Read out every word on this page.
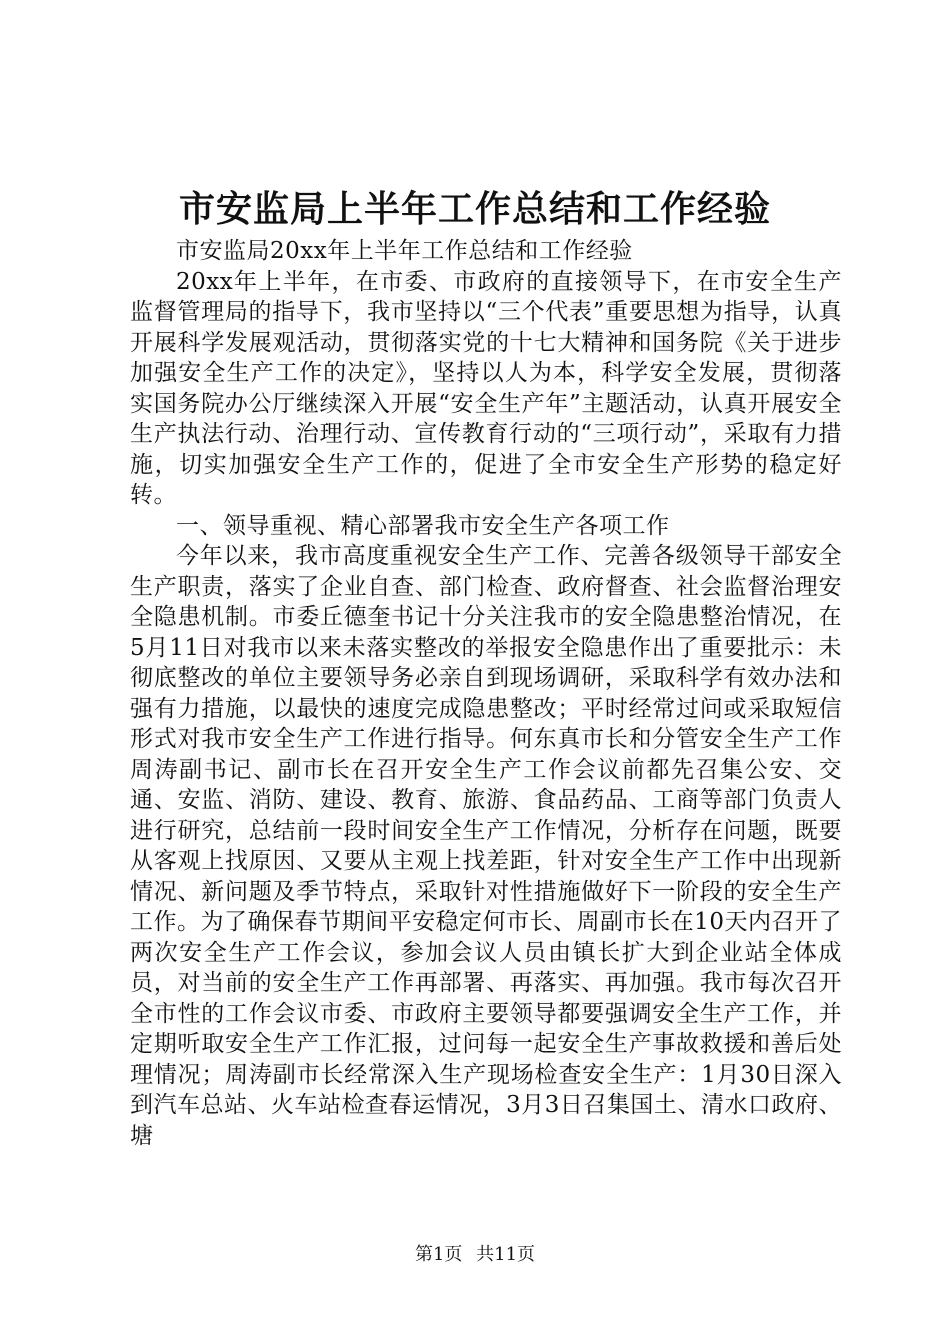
市安监局上半年工作总结和工作经验

市安监局20xx年上半年工作总结和工作经验

20xx年上半年，在市委、市政府的直接领导下，在市安全生产监督管理局的指导下，我市坚持以“三个代表”重要思想为指导，认真开展科学发展观活动，贯彻落实党的十七大精神和国务院《关于进步加强安全生产工作的决定》，坚持以人为本，科学安全发展，贯彻落实国务院办公厅继续深入开展“安全生产年”主题活动，认真开展安全生产执法行动、治理行动、宣传教育行动的“三项行动”，采取有力措施，切实加强安全生产工作的，促进了全市安全生产形势的稳定好转。

一、领导重视、精心部署我市安全生产各项工作

今年以来，我市高度重视安全生产工作、完善各级领导干部安全生产职责，落实了企业自查、部门检查、政府督查、社会监督治理安全隐患机制。市委丘德奎书记十分关注我市的安全隐患整治情况，在5月11日对我市以来未落实整改的举报安全隐患作出了重要批示：未彻底整改的单位主要领导务必亲自到现场调研，采取科学有效办法和强有力措施，以最快的速度完成隐患整改；平时经常过问或采取短信形式对我市安全生产工作进行指导。何东真市长和分管安全生产工作周涛副书记、副市长在召开安全生产工作会议前都先召集公安、交通、安监、消防、建设、教育、旅游、食品药品、工商等部门负责人进行研究，总结前一段时间安全生产工作情况，分析存在问题，既要从客观上找原因、又要从主观上找差距，针对安全生产工作中出现新情况、新问题及季节特点，采取针对性措施做好下一阶段的安全生产工作。为了确保春节期间平安稳定何市长、周副市长在10天内召开了两次安全生产工作会议，参加会议人员由镇长扩大到企业站全体成员，对当前的安全生产工作再部署、再落实、再加强。我市每次召开全市性的工作会议市委、市政府主要领导都要强调安全生产工作，并定期听取安全生产工作汇报，过问每一起安全生产事故救援和善后处理情况；周涛副市长经常深入生产现场检查安全生产：1月30日深入到汽车总站、火车站检查春运情况，3月3日召集国土、清水口政府、塘

第1页 共11页
